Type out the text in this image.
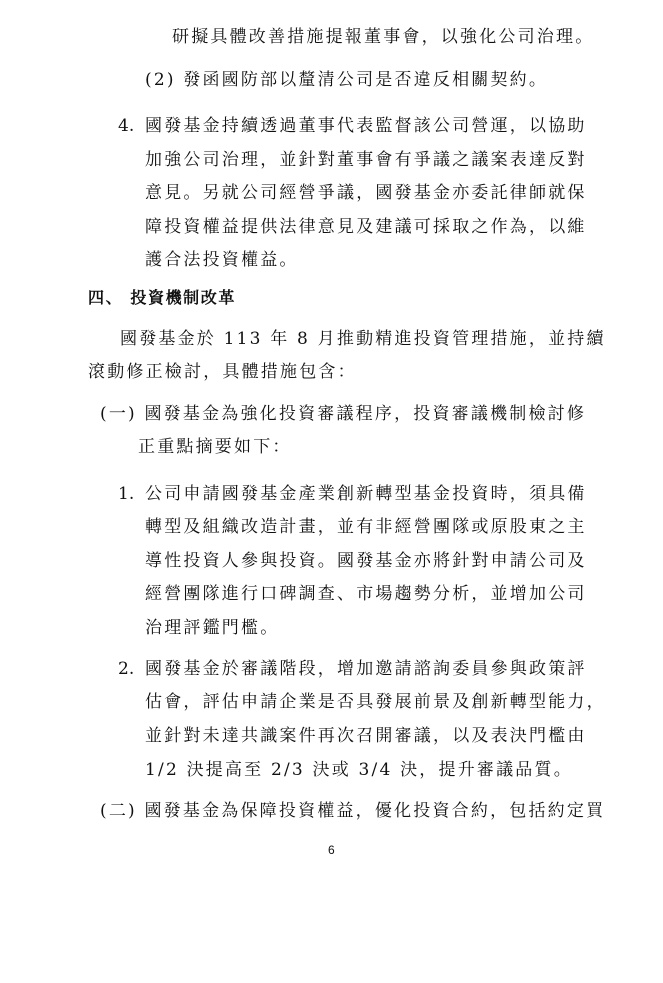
研擬具體改善措施提報董事會，以強化公司治理。
(2) 發函國防部以釐清公司是否違反相關契約。
4. 國發基金持續透過董事代表監督該公司營運，以協助
加強公司治理，並針對董事會有爭議之議案表達反對
意見。另就公司經營爭議，國發基金亦委託律師就保
障投資權益提供法律意見及建議可採取之作為，以維
護合法投資權益。
四、 投資機制改革
國發基金於 113 年 8 月推動精進投資管理措施，並持續
滾動修正檢討，具體措施包含：
(一) 國發基金為強化投資審議程序，投資審議機制檢討修
正重點摘要如下：
1. 公司申請國發基金產業創新轉型基金投資時，須具備
轉型及組織改造計畫，並有非經營團隊或原股東之主
導性投資人參與投資。國發基金亦將針對申請公司及
經營團隊進行口碑調查、市場趨勢分析，並增加公司
治理評鑑門檻。
2. 國發基金於審議階段，增加邀請諮詢委員參與政策評
估會，評估申請企業是否具發展前景及創新轉型能力，
並針對未達共識案件再次召開審議，以及表決門檻由
1/2 決提高至 2/3 決或 3/4 決，提升審議品質。
(二) 國發基金為保障投資權益，優化投資合約，包括約定買
6
